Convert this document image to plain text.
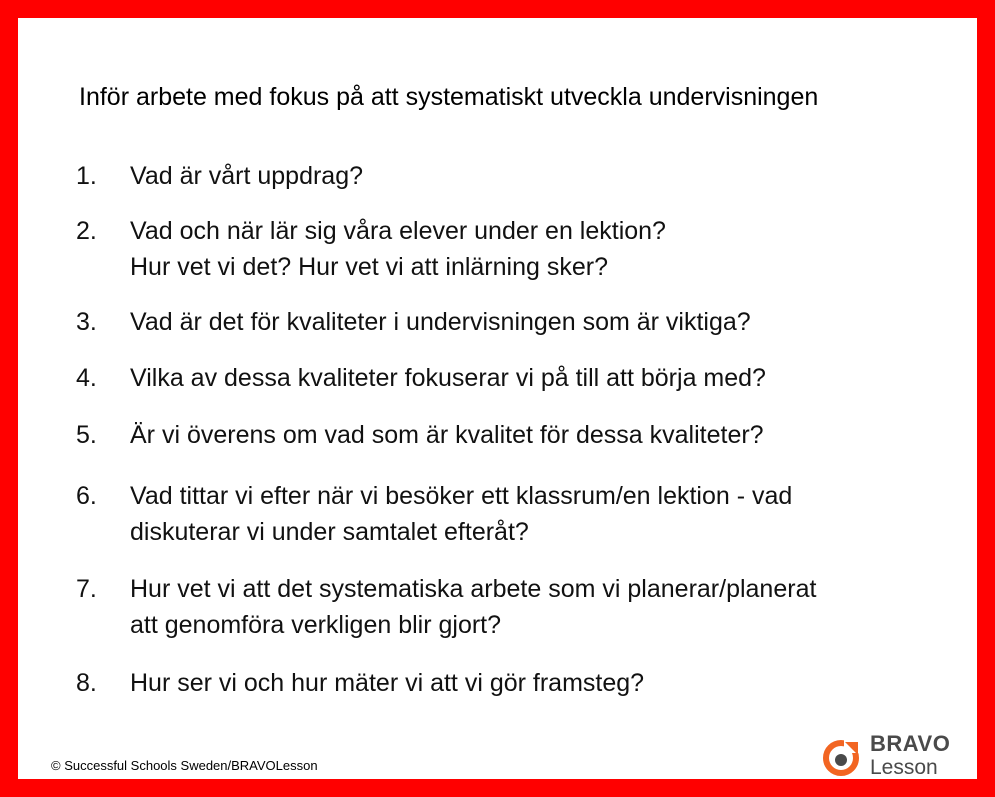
Inför arbete med fokus på att systematiskt utveckla undervisningen
1. Vad är vårt uppdrag?
2. Vad och när lär sig våra elever under en lektion?
Hur vet vi det? Hur vet vi att inlärning sker?
3. Vad är det för kvaliteter i undervisningen som är viktiga?
4. Vilka av dessa kvaliteter fokuserar vi på till att börja med?
5. Är vi överens om vad som är kvalitet för dessa kvaliteter?
6. Vad tittar vi efter när vi besöker ett klassrum/en lektion - vad
diskuterar vi under samtalet efteråt?
7. Hur vet vi att det systematiska arbete som vi planerar/planerat
att genomföra verkligen blir gjort?
8. Hur ser vi och hur mäter vi att vi gör framsteg?
© Successful Schools Sweden/BRAVOLesson
BRAVO
Lesson
